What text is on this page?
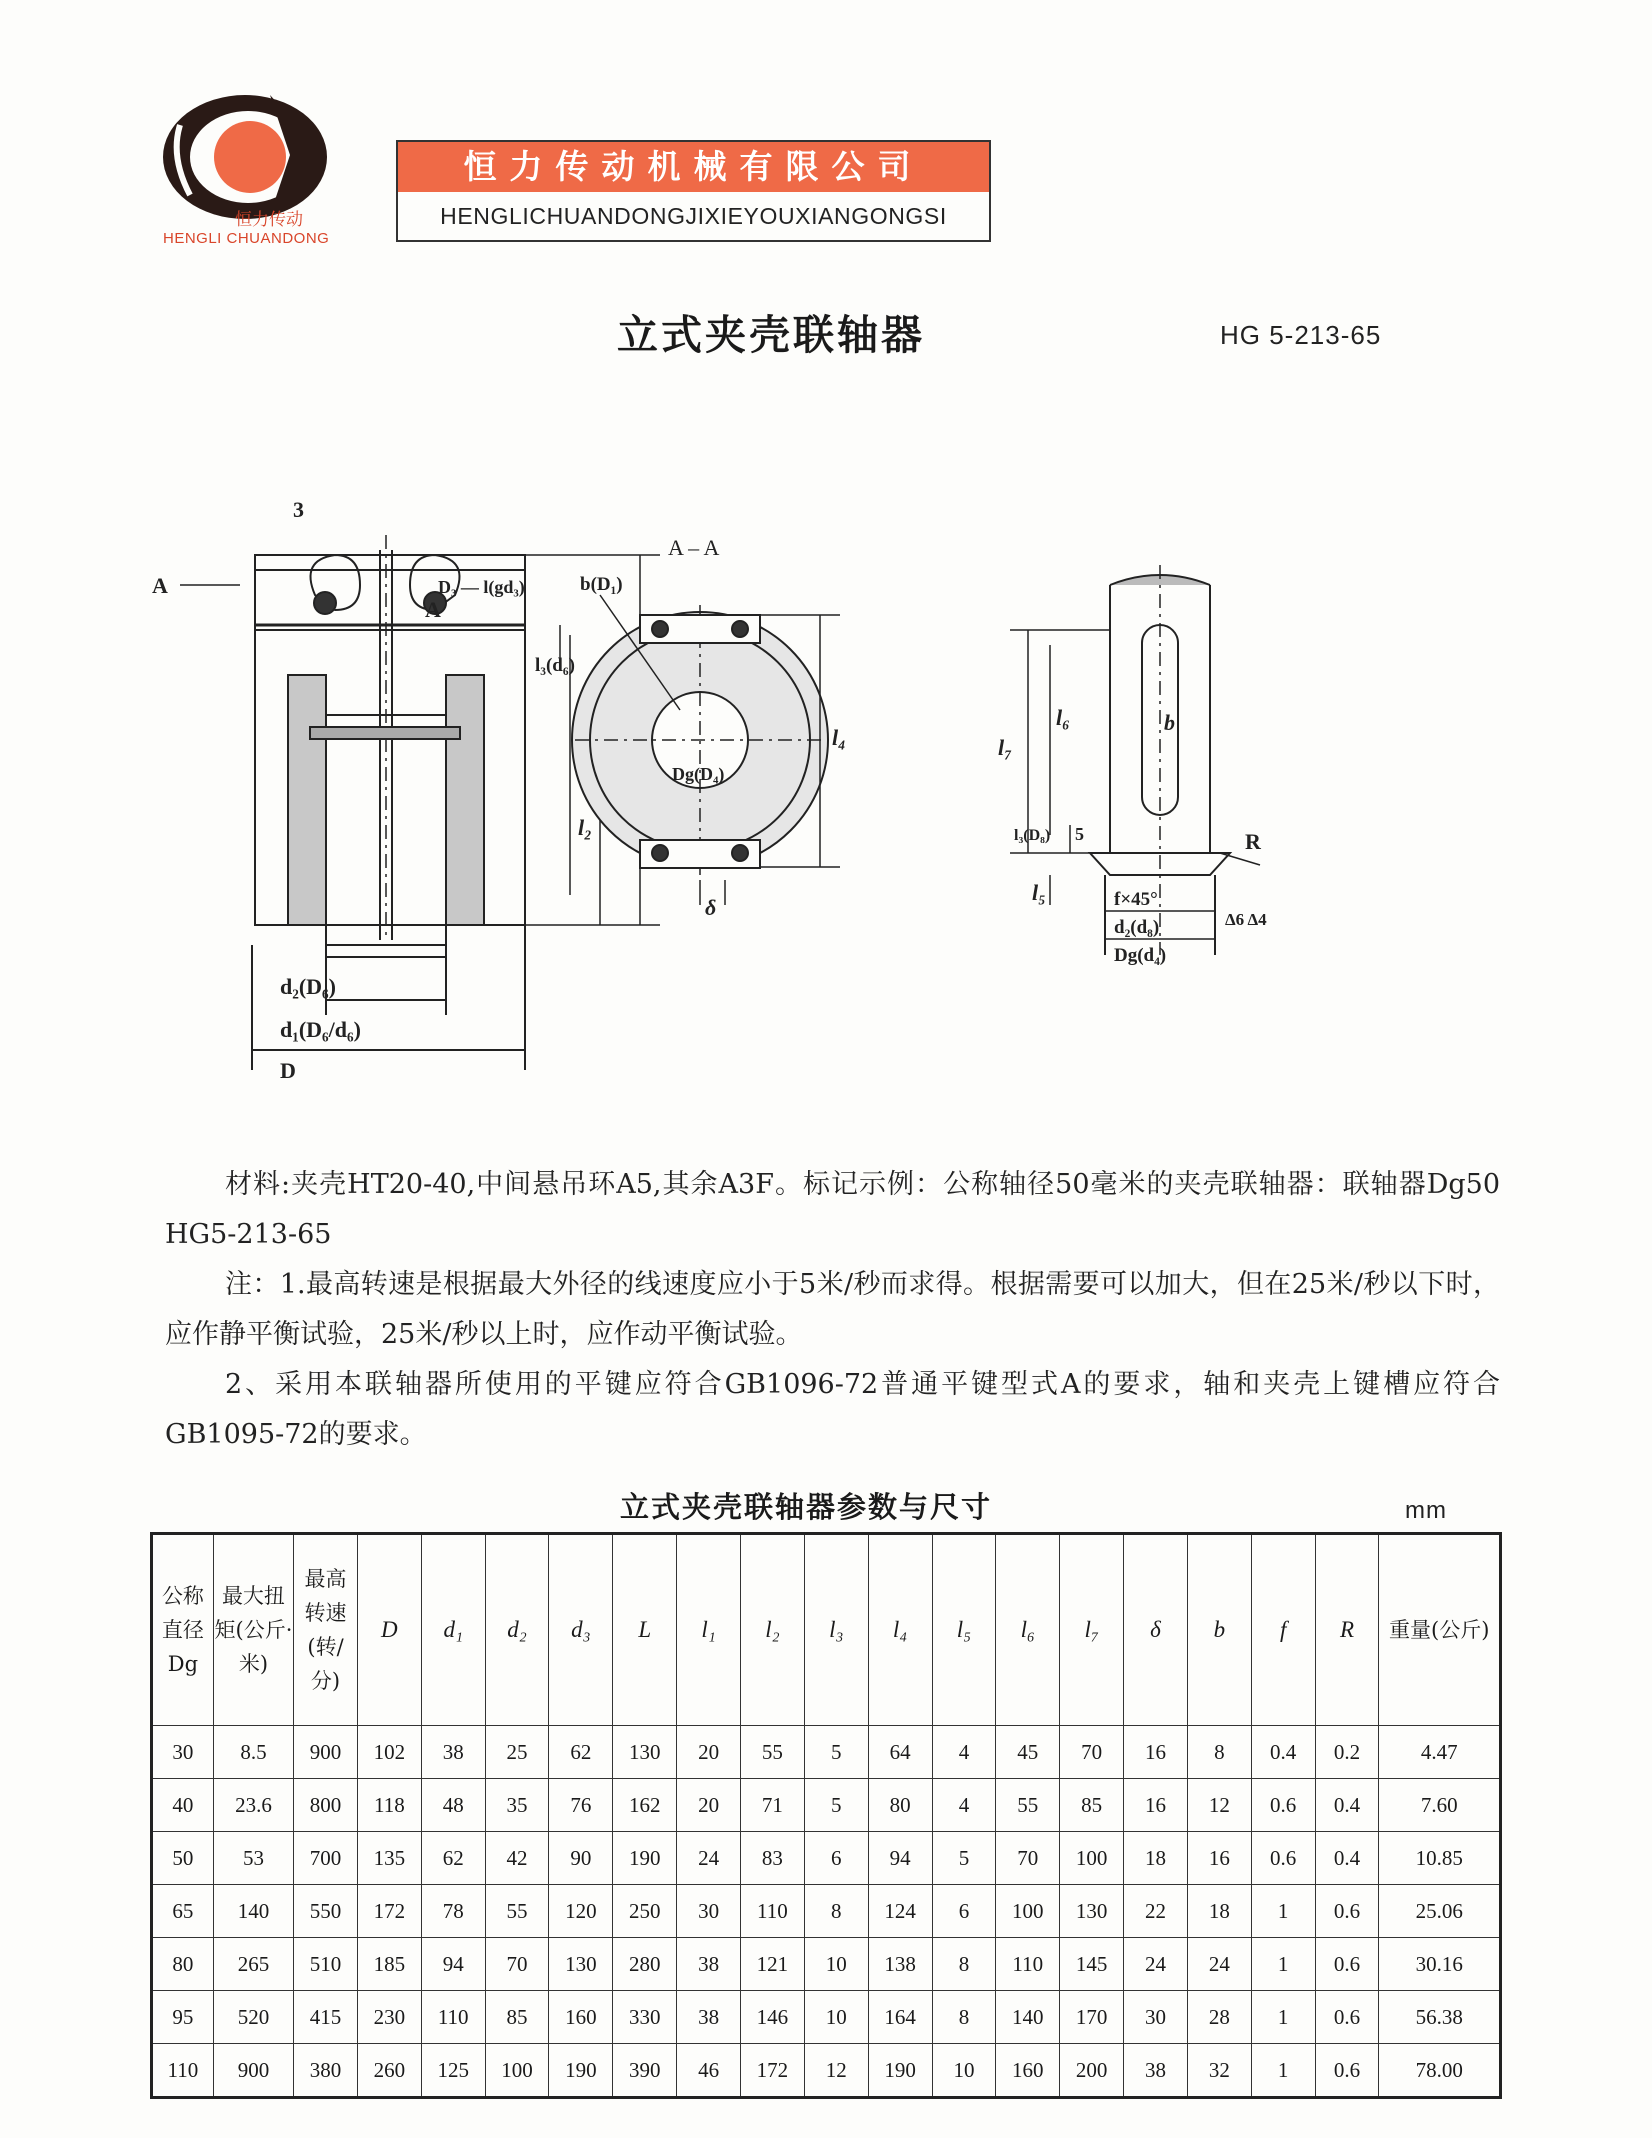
恒力传动
HENGLI CHUANDONG
恒力传动机械有限公司
HENGLICHUANDONGJIXIEYOUXIANGONGSI
立式夹壳联轴器	HG 5-213-65
3
A
A
D₃ — l(gd₃)
l₃(d₆)
l₂
d₂(D₆)
d₁(D₆/d₆)
D
A – A
b(D₁)
Dg(D₄)
l₄
δ
l₇
l₆	b
l₃(D₈) 5
l₅
R
f×45°
d₂(d₈)
Dg(d₄)
Δ6 Δ4

材料:夹壳HT20-40,中间悬吊环A5,其余A3F。标记示例：公称轴径50毫米的夹壳联轴器：联轴器Dg50 HG5-213-65

注：1.最高转速是根据最大外径的线速度应小于5米/秒而求得。根据需要可以加大，但在25米/秒以下时，应作静平衡试验，25米/秒以上时，应作动平衡试验。

2、采用本联轴器所使用的平键应符合GB1096-72普通平键型式A的要求，轴和夹壳上键槽应符合GB1095-72的要求。

立式夹壳联轴器参数与尺寸	mm
公称直径Dg	最大扭矩(公斤·米)	最高转速(转/分)	D	d₁	d₂	d₃	L	l₁	l₂	l₃	l₄	l₅	l₆	l₇	δ	b	f	R	重量(公斤)
30	8.5	900	102	38	25	62	130	20	55	5	64	4	45	70	16	8	0.4	0.2	4.47
40	23.6	800	118	48	35	76	162	20	71	5	80	4	55	85	16	12	0.6	0.4	7.60
50	53	700	135	62	42	90	190	24	83	6	94	5	70	100	18	16	0.6	0.4	10.85
65	140	550	172	78	55	120	250	30	110	8	124	6	100	130	22	18	1	0.6	25.06
80	265	510	185	94	70	130	280	38	121	10	138	8	110	145	24	24	1	0.6	30.16
95	520	415	230	110	85	160	330	38	146	10	164	8	140	170	30	28	1	0.6	56.38
110	900	380	260	125	100	190	390	46	172	12	190	10	160	200	38	32	1	0.6	78.00
